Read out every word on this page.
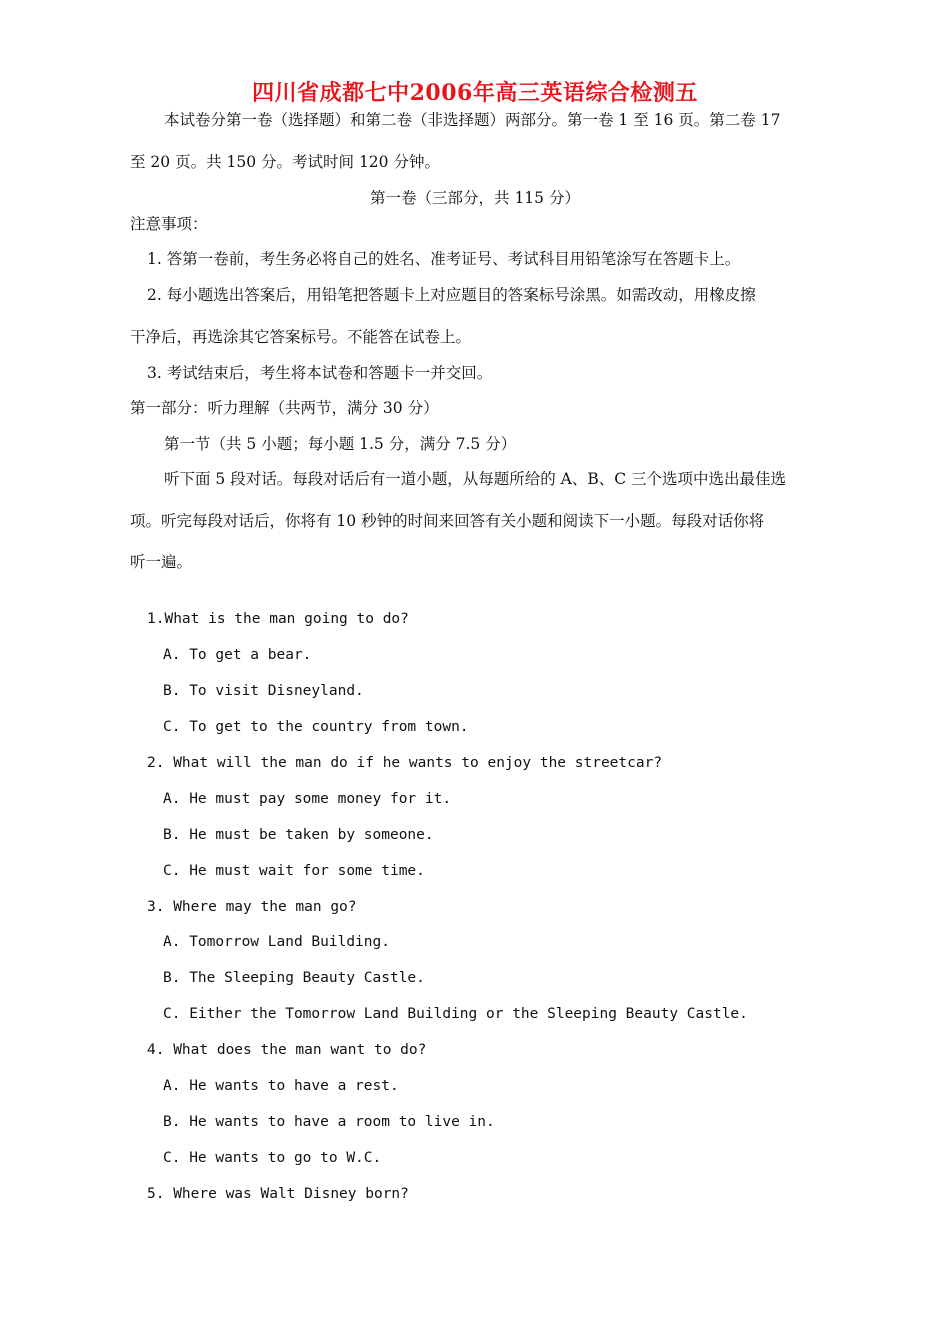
四川省成都七中2006年高三英语综合检测五
本试卷分第一卷（选择题）和第二卷（非选择题）两部分。第一卷 1 至 16 页。第二卷 17
至 20 页。共 150 分。考试时间 120 分钟。
第一卷（三部分，共 115 分）
注意事项：
1. 答第一卷前，考生务必将自己的姓名、准考证号、考试科目用铅笔涂写在答题卡上。
2. 每小题选出答案后，用铅笔把答题卡上对应题目的答案标号涂黑。如需改动，用橡皮擦
干净后，再选涂其它答案标号。不能答在试卷上。
3. 考试结束后，考生将本试卷和答题卡一并交回。
第一部分：听力理解（共两节，满分 30 分）
第一节（共 5 小题；每小题 1.5 分，满分 7.5 分）
听下面 5 段对话。每段对话后有一道小题，从每题所给的 A、B、C 三个选项中选出最佳选
项。听完每段对话后，你将有 10 秒钟的时间来回答有关小题和阅读下一小题。每段对话你将
听一遍。
1.What is the man going to do?
A. To get a bear.
B. To visit Disneyland.
C. To get to the country from town.
2. What will the man do if he wants to enjoy the streetcar?
A. He must pay some money for it.
B. He must be taken by someone.
C. He must wait for some time.
3. Where may the man go?
A. Tomorrow Land Building.
B. The Sleeping Beauty Castle.
C. Either the Tomorrow Land Building or the Sleeping Beauty Castle.
4. What does the man want to do?
A. He wants to have a rest.
B. He wants to have a room to live in.
C. He wants to go to W.C.
5. Where was Walt Disney born?
